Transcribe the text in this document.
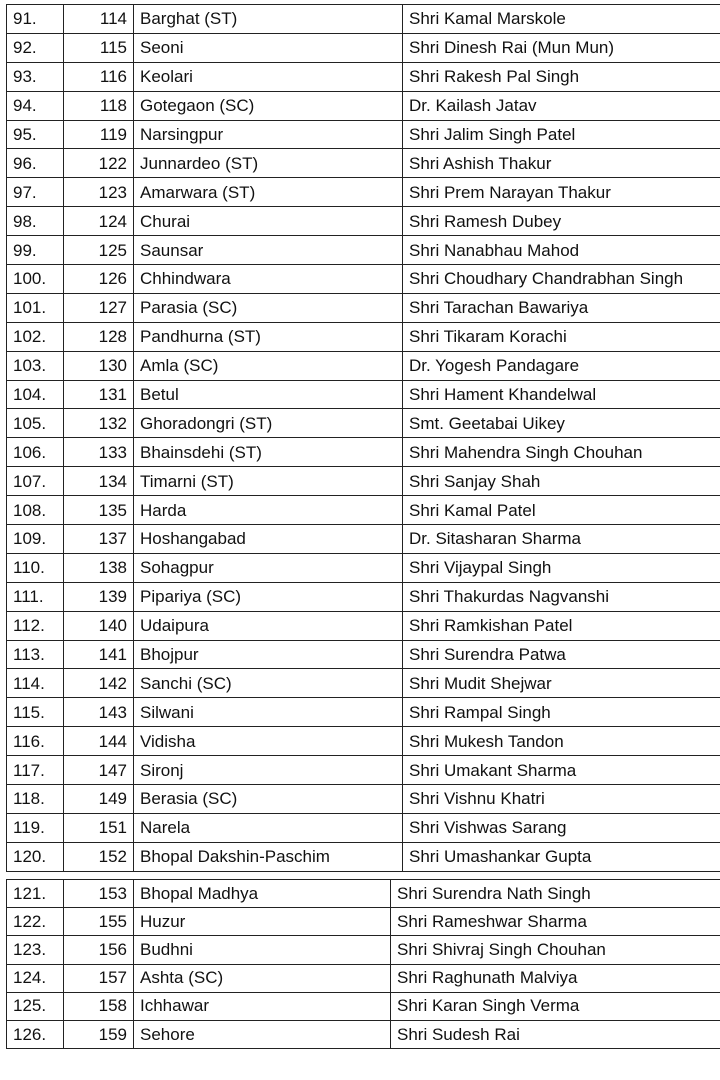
91.	114	Barghat (ST)	Shri Kamal Marskole
92.	115	Seoni	Shri Dinesh Rai (Mun Mun)
93.	116	Keolari	Shri Rakesh Pal Singh
94.	118	Gotegaon (SC)	Dr. Kailash Jatav
95.	119	Narsingpur	Shri Jalim Singh Patel
96.	122	Junnardeo (ST)	Shri Ashish Thakur
97.	123	Amarwara (ST)	Shri Prem Narayan Thakur
98.	124	Churai	Shri Ramesh Dubey
99.	125	Saunsar	Shri Nanabhau Mahod
100.	126	Chhindwara	Shri Choudhary Chandrabhan Singh
101.	127	Parasia (SC)	Shri Tarachan Bawariya
102.	128	Pandhurna (ST)	Shri Tikaram Korachi
103.	130	Amla (SC)	Dr. Yogesh Pandagare
104.	131	Betul	Shri Hament Khandelwal
105.	132	Ghoradongri (ST)	Smt. Geetabai Uikey
106.	133	Bhainsdehi (ST)	Shri Mahendra Singh Chouhan
107.	134	Timarni (ST)	Shri Sanjay Shah
108.	135	Harda	Shri Kamal Patel
109.	137	Hoshangabad	Dr. Sitasharan Sharma
110.	138	Sohagpur	Shri Vijaypal Singh
111.	139	Pipariya (SC)	Shri Thakurdas Nagvanshi
112.	140	Udaipura	Shri Ramkishan Patel
113.	141	Bhojpur	Shri Surendra Patwa
114.	142	Sanchi (SC)	Shri Mudit Shejwar
115.	143	Silwani	Shri Rampal Singh
116.	144	Vidisha	Shri Mukesh Tandon
117.	147	Sironj	Shri Umakant Sharma
118.	149	Berasia (SC)	Shri Vishnu Khatri
119.	151	Narela	Shri Vishwas Sarang
120.	152	Bhopal Dakshin-Paschim	Shri Umashankar Gupta
121.	153	Bhopal Madhya	Shri Surendra Nath Singh
122.	155	Huzur	Shri Rameshwar Sharma
123.	156	Budhni	Shri Shivraj Singh Chouhan
124.	157	Ashta (SC)	Shri Raghunath Malviya
125.	158	Ichhawar	Shri Karan Singh Verma
126.	159	Sehore	Shri Sudesh Rai
